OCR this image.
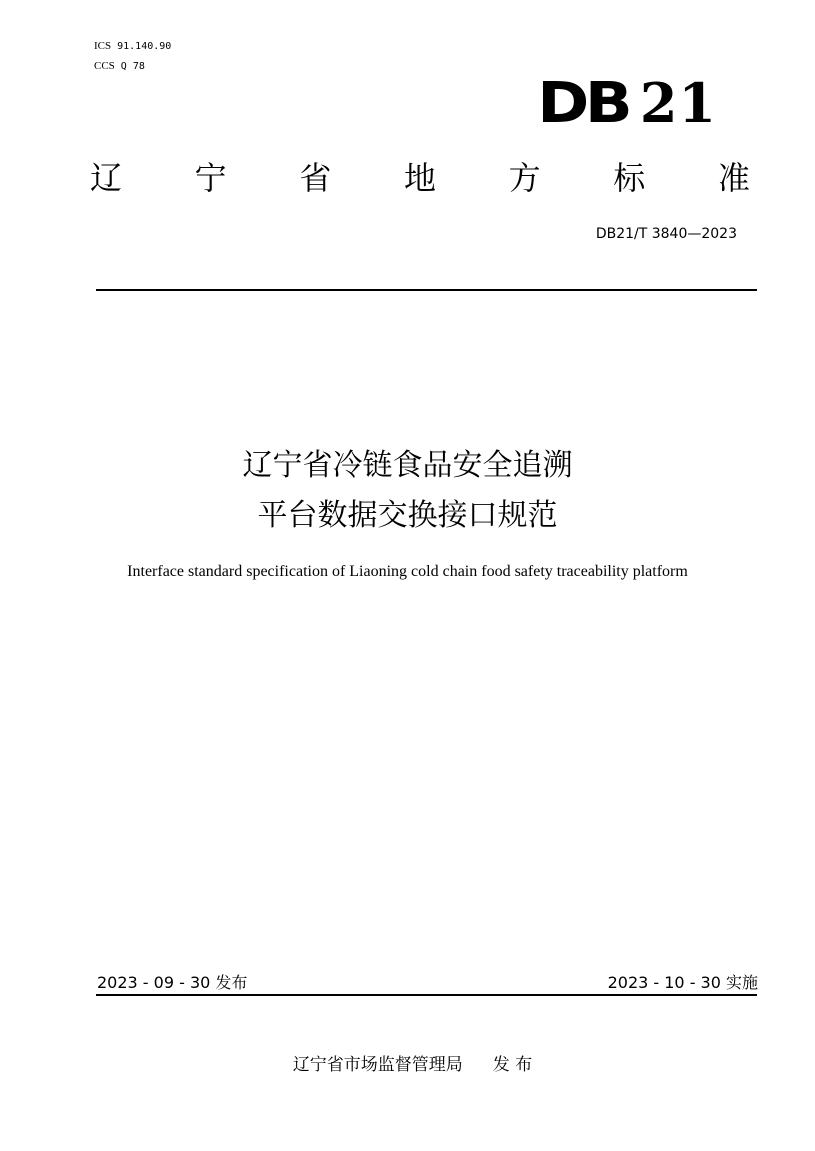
ICS 91.140.90
CCS Q 78
DB 21
辽 宁 省 地 方 标 准
DB21/T 3840—2023
辽宁省冷链食品安全追溯
平台数据交换接口规范
Interface standard specification of Liaoning cold chain food safety traceability platform
2023 - 09 - 30 发布	2023 - 10 - 30 实施
辽宁省市场监督管理局 发 布
